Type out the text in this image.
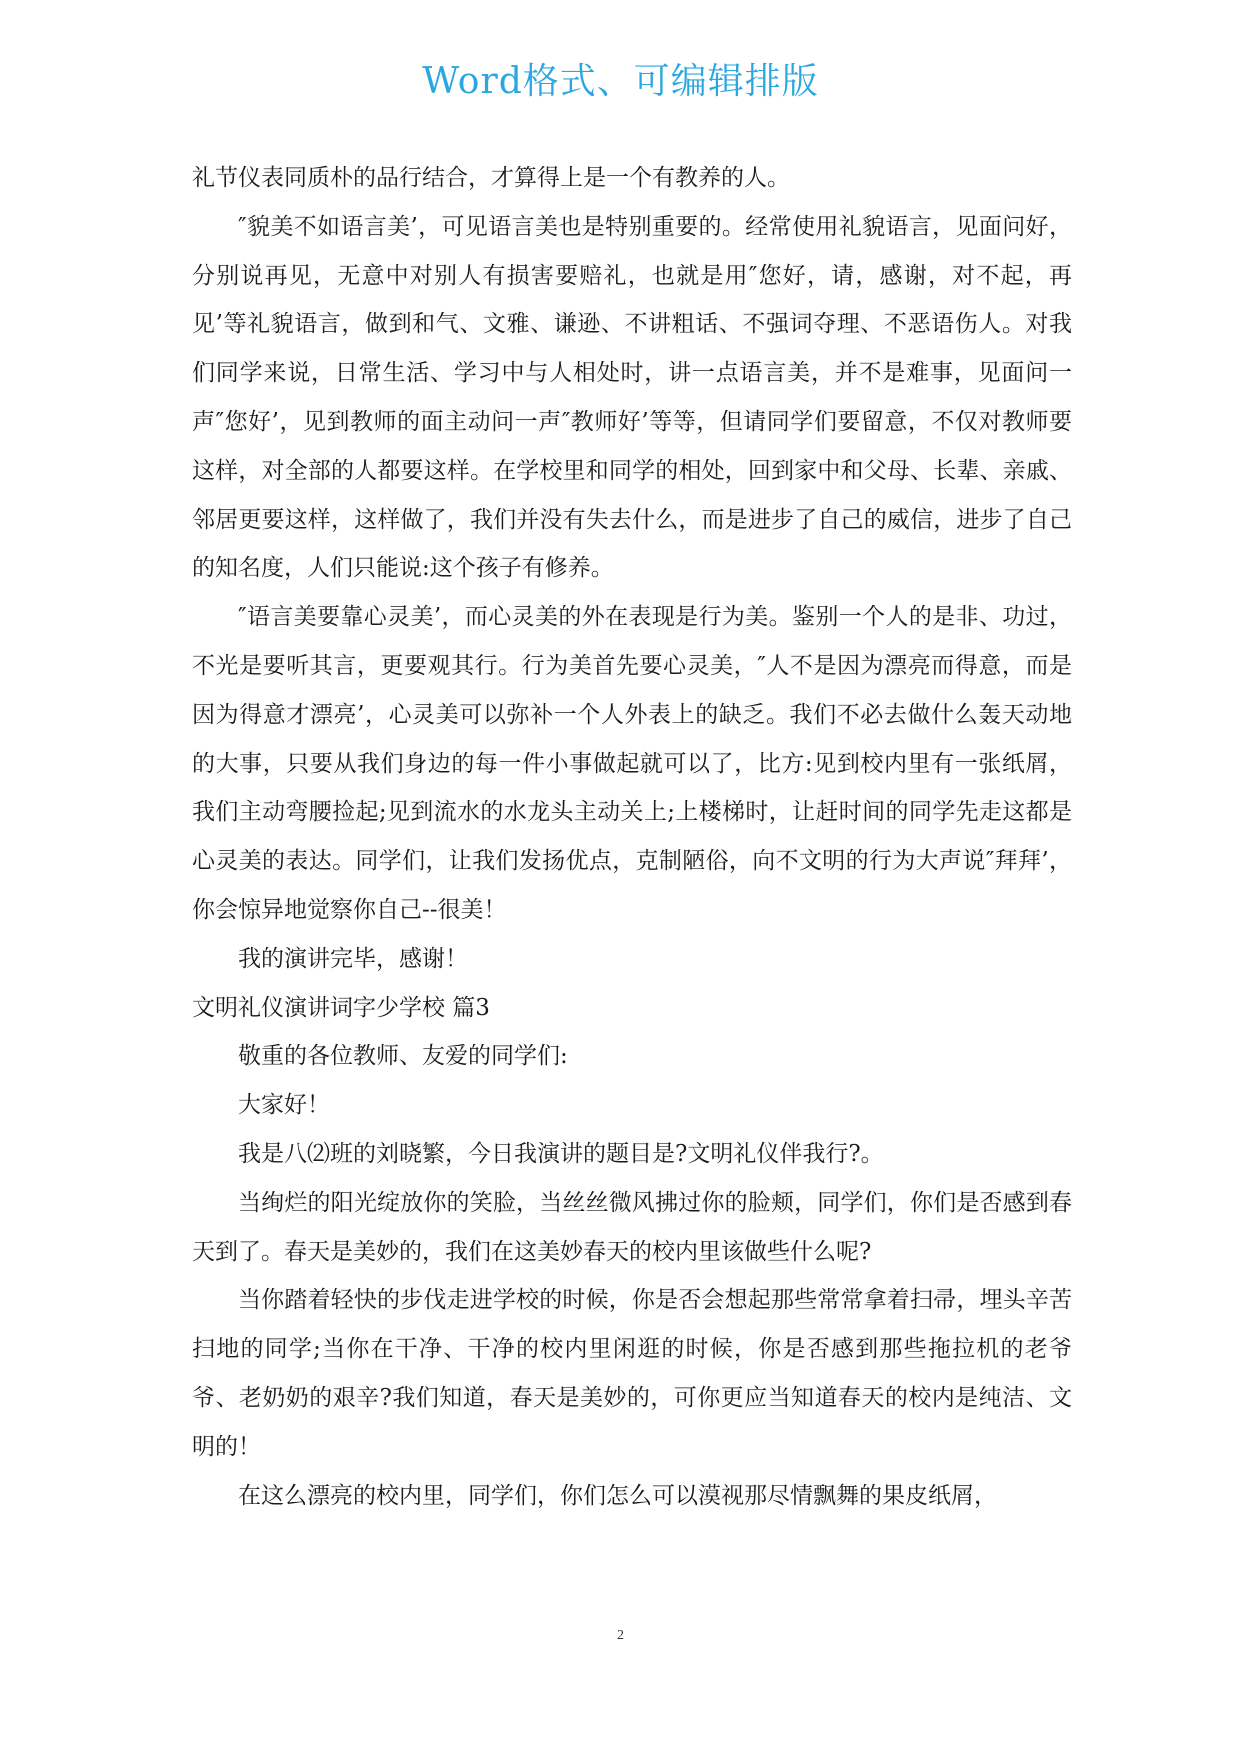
Word格式、可编辑排版

礼节仪表同质朴的品行结合，才算得上是一个有教养的人。

″貌美不如语言美’，可见语言美也是特别重要的。经常使用礼貌语言，见面问好，分别说再见，无意中对别人有损害要赔礼，也就是用″您好，请，感谢，对不起，再见’等礼貌语言，做到和气、文雅、谦逊、不讲粗话、不强词夺理、不恶语伤人。对我们同学来说，日常生活、学习中与人相处时，讲一点语言美，并不是难事，见面问一声″您好’，见到教师的面主动问一声″教师好’等等，但请同学们要留意，不仅对教师要这样，对全部的人都要这样。在学校里和同学的相处，回到家中和父母、长辈、亲戚、邻居更要这样，这样做了，我们并没有失去什么，而是进步了自己的威信，进步了自己的知名度，人们只能说:这个孩子有修养。

″语言美要靠心灵美’，而心灵美的外在表现是行为美。鉴别一个人的是非、功过，不光是要听其言，更要观其行。行为美首先要心灵美，″人不是因为漂亮而得意，而是因为得意才漂亮’，心灵美可以弥补一个人外表上的缺乏。我们不必去做什么轰天动地的大事，只要从我们身边的每一件小事做起就可以了，比方:见到校内里有一张纸屑，我们主动弯腰捡起;见到流水的水龙头主动关上;上楼梯时，让赶时间的同学先走这都是心灵美的表达。同学们，让我们发扬优点，克制陋俗，向不文明的行为大声说″拜拜’，你会惊异地觉察你自己--很美！

我的演讲完毕，感谢！

文明礼仪演讲词字少学校 篇3

敬重的各位教师、友爱的同学们:

大家好！

我是八⑵班的刘晓繁，今日我演讲的题目是?文明礼仪伴我行?。

当绚烂的阳光绽放你的笑脸，当丝丝微风拂过你的脸颊，同学们，你们是否感到春天到了。春天是美妙的，我们在这美妙春天的校内里该做些什么呢?

当你踏着轻快的步伐走进学校的时候，你是否会想起那些常常拿着扫帚，埋头辛苦扫地的同学;当你在干净、干净的校内里闲逛的时候，你是否感到那些拖拉机的老爷爷、老奶奶的艰辛?我们知道，春天是美妙的，可你更应当知道春天的校内是纯洁、文明的！

在这么漂亮的校内里，同学们，你们怎么可以漠视那尽情飘舞的果皮纸屑，

2
